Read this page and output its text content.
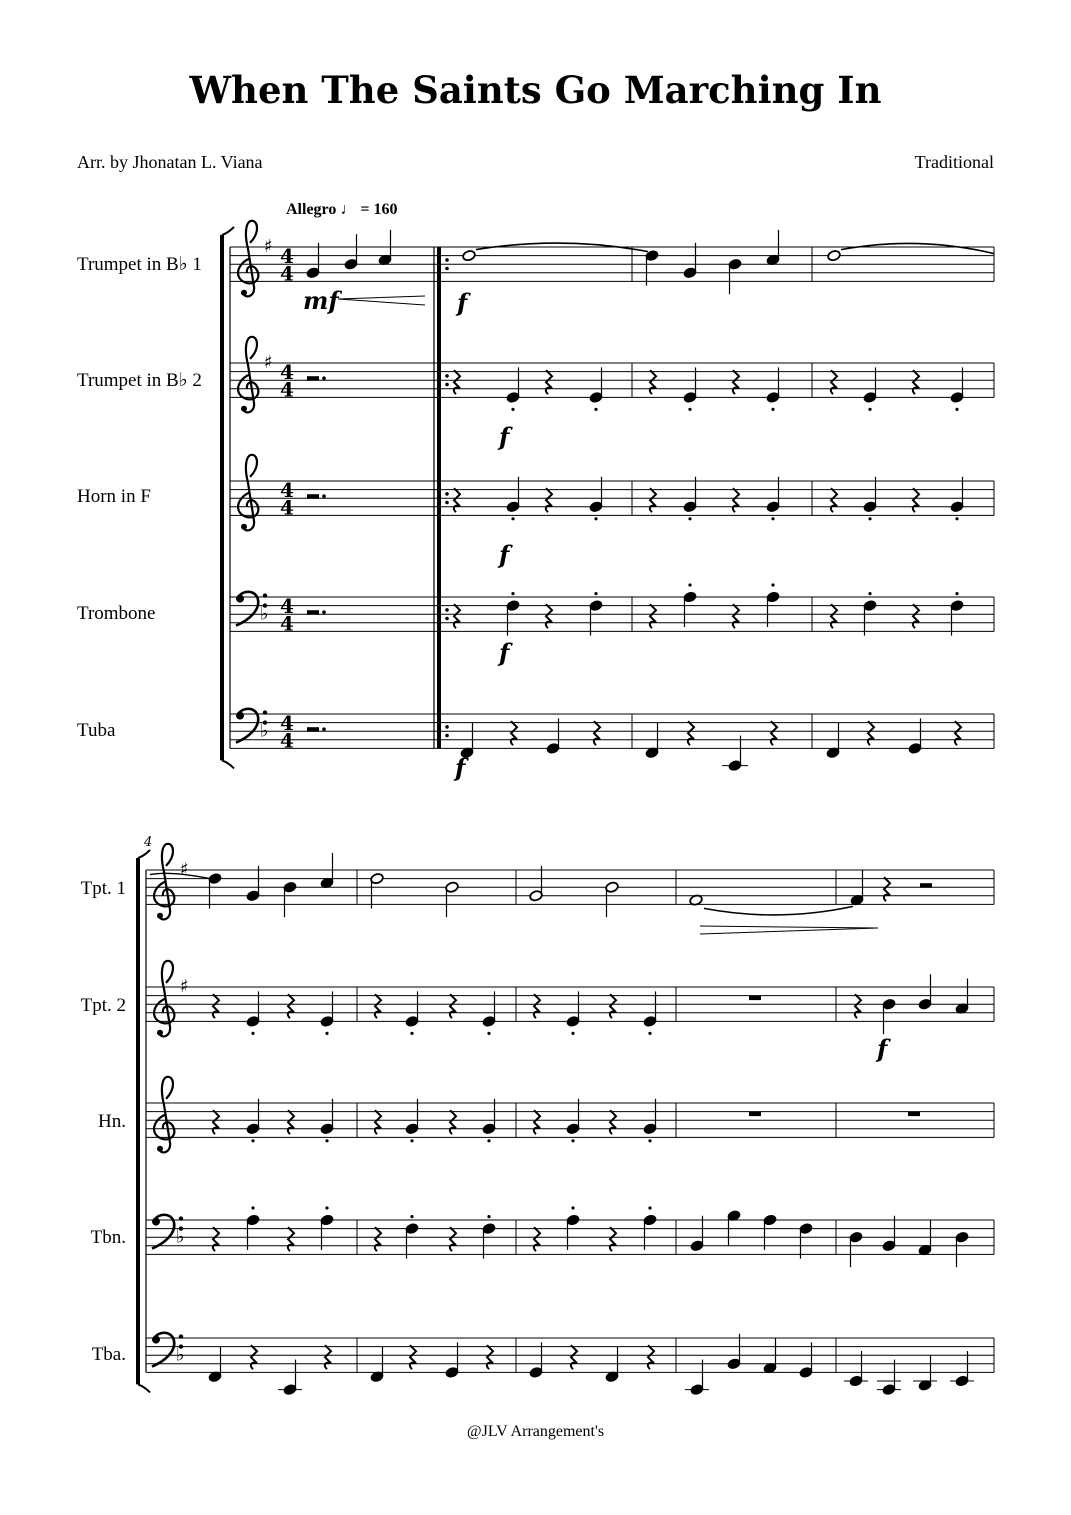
When The Saints Go Marching In
Arr. by Jhonatan L. Viana	Traditional
Allegro ♩ = 160
Trumpet in B♭ 1
Trumpet in B♭ 2
Horn in F
Trombone
Tuba
Tpt. 1
Tpt. 2
Hn.
Tbn.
Tba.
@JLV Arrangement's
♯
♯
♭
♭
4
4
4
4
4
4
4
4
4
4
mf	f
f
f
f
f
4
♯
♯
♭
♭
f
